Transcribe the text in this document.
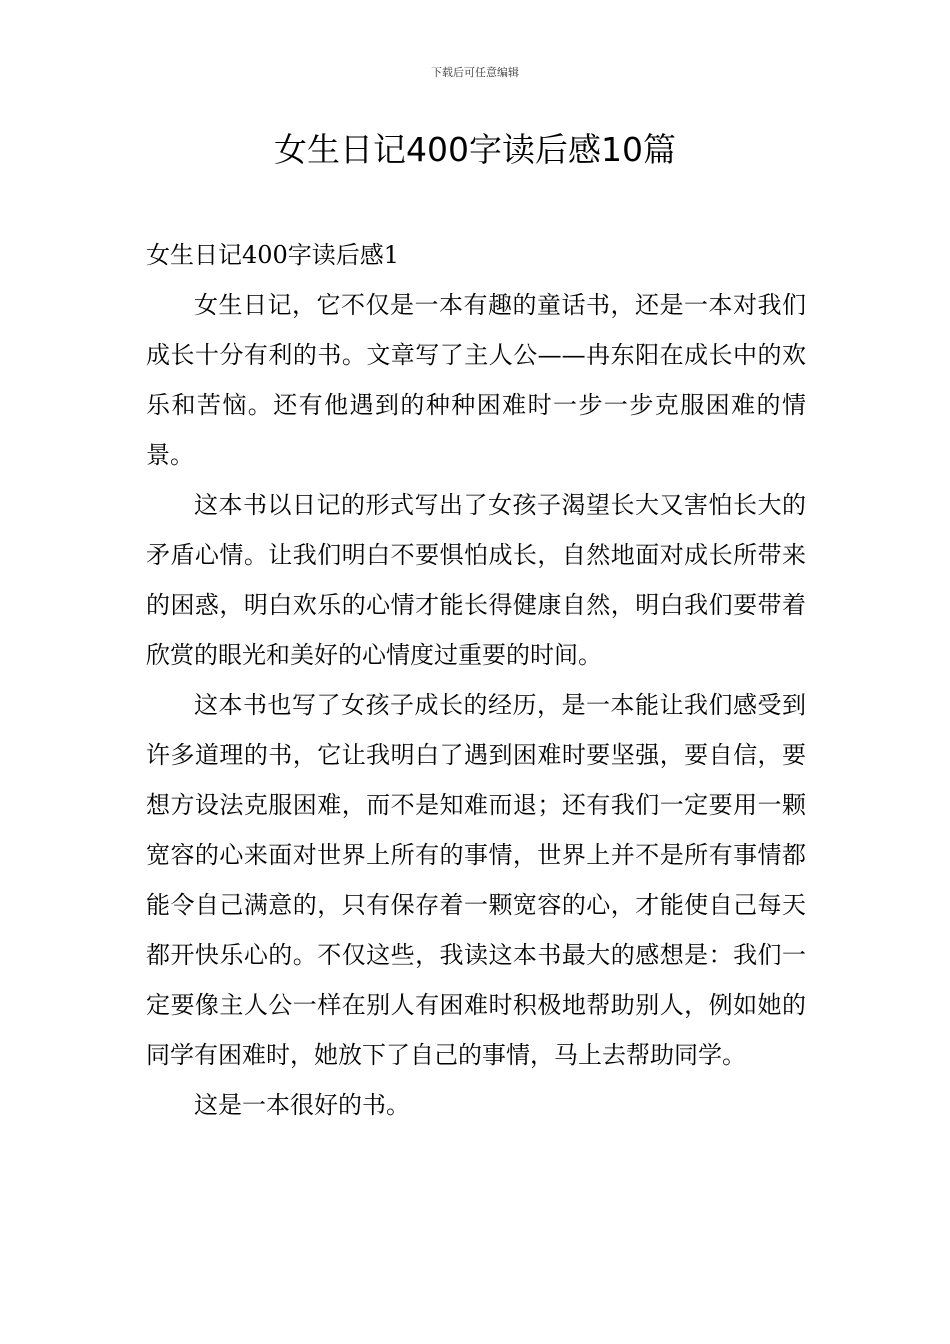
下载后可任意编辑
女生日记400字读后感10篇

女生日记400字读后感1

女生日记，它不仅是一本有趣的童话书，还是一本对我们成长十分有利的书。文章写了主人公——冉东阳在成长中的欢乐和苦恼。还有他遇到的种种困难时一步一步克服困难的情景。

这本书以日记的形式写出了女孩子渴望长大又害怕长大的矛盾心情。让我们明白不要惧怕成长，自然地面对成长所带来的困惑，明白欢乐的心情才能长得健康自然，明白我们要带着欣赏的眼光和美好的心情度过重要的时间。

这本书也写了女孩子成长的经历，是一本能让我们感受到许多道理的书，它让我明白了遇到困难时要坚强，要自信，要想方设法克服困难，而不是知难而退；还有我们一定要用一颗宽容的心来面对世界上所有的事情，世界上并不是所有事情都能令自己满意的，只有保存着一颗宽容的心，才能使自己每天都开快乐心的。不仅这些，我读这本书最大的感想是：我们一定要像主人公一样在别人有困难时积极地帮助别人，例如她的同学有困难时，她放下了自己的事情，马上去帮助同学。

这是一本很好的书。
